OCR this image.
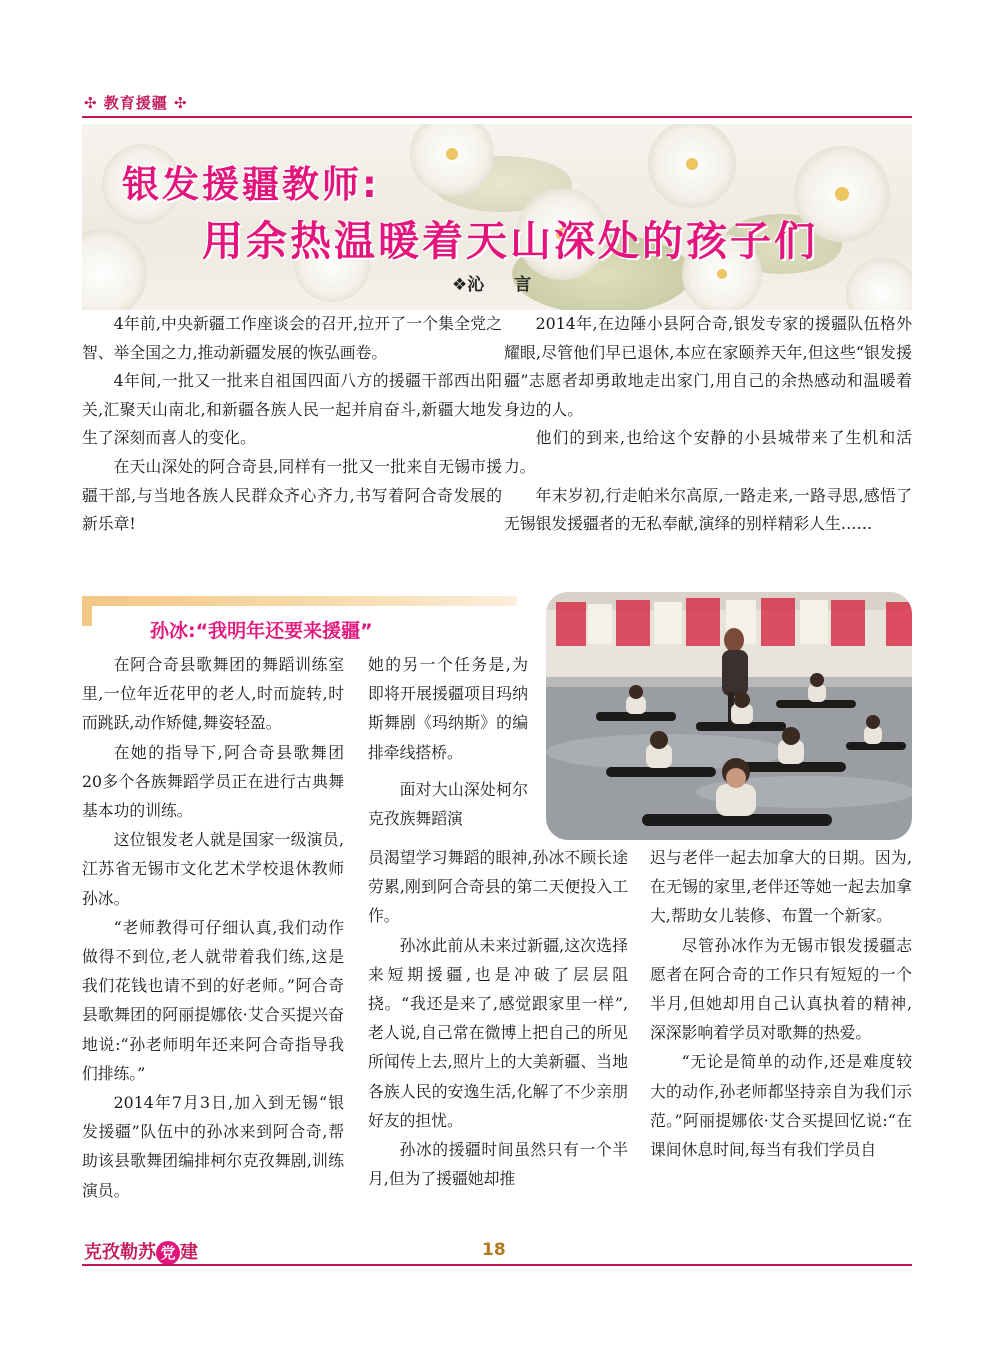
✣ 教育援疆 ✣
银发援疆教师:
用余热温暖着天山深处的孩子们
❖沁 言

4年前,中央新疆工作座谈会的召开,拉开了一个集全党之智、举全国之力,推动新疆发展的恢弘画卷。

4年间,一批又一批来自祖国四面八方的援疆干部西出阳关,汇聚天山南北,和新疆各族人民一起并肩奋斗,新疆大地发生了深刻而喜人的变化。

在天山深处的阿合奇县,同样有一批又一批来自无锡市援疆干部,与当地各族人民群众齐心齐力,书写着阿合奇发展的新乐章!

2014年,在边陲小县阿合奇,银发专家的援疆队伍格外耀眼,尽管他们早已退休,本应在家颐养天年,但这些“银发援疆”志愿者却勇敢地走出家门,用自己的余热感动和温暖着身边的人。

他们的到来,也给这个安静的小县城带来了生机和活力。

年末岁初,行走帕米尔高原,一路走来,一路寻思,感悟了无锡银发援疆者的无私奉献,演绎的别样精彩人生……

孙冰:“我明年还要来援疆”

在阿合奇县歌舞团的舞蹈训练室里,一位年近花甲的老人,时而旋转,时而跳跃,动作矫健,舞姿轻盈。

在她的指导下,阿合奇县歌舞团20多个各族舞蹈学员正在进行古典舞基本功的训练。

这位银发老人就是国家一级演员,江苏省无锡市文化艺术学校退休教师孙冰。

“老师教得可仔细认真,我们动作做得不到位,老人就带着我们练,这是我们花钱也请不到的好老师。”阿合奇县歌舞团的阿丽提娜依·艾合买提兴奋地说:“孙老师明年还来阿合奇指导我们排练。”

2014年7月3日,加入到无锡“银发援疆”队伍中的孙冰来到阿合奇,帮助该县歌舞团编排柯尔克孜舞剧,训练演员。

她的另一个任务是,为即将开展援疆项目玛纳斯舞剧《玛纳斯》的编排牵线搭桥。

面对大山深处柯尔克孜族舞蹈演

员渴望学习舞蹈的眼神,孙冰不顾长途劳累,刚到阿合奇县的第二天便投入工作。

孙冰此前从未来过新疆,这次选择来短期援疆,也是冲破了层层阻挠。“我还是来了,感觉跟家里一样”,老人说,自己常在微博上把自己的所见所闻传上去,照片上的大美新疆、当地各族人民的安逸生活,化解了不少亲朋好友的担忧。

孙冰的援疆时间虽然只有一个半月,但为了援疆她却推

迟与老伴一起去加拿大的日期。因为,在无锡的家里,老伴还等她一起去加拿大,帮助女儿装修、布置一个新家。

尽管孙冰作为无锡市银发援疆志愿者在阿合奇的工作只有短短的一个半月,但她却用自己认真执着的精神,深深影响着学员对歌舞的热爱。

“无论是简单的动作,还是难度较大的动作,孙老师都坚持亲自为我们示范。”阿丽提娜依·艾合买提回忆说:“在课间休息时间,每当有我们学员自

克孜勒苏 党 建	18
